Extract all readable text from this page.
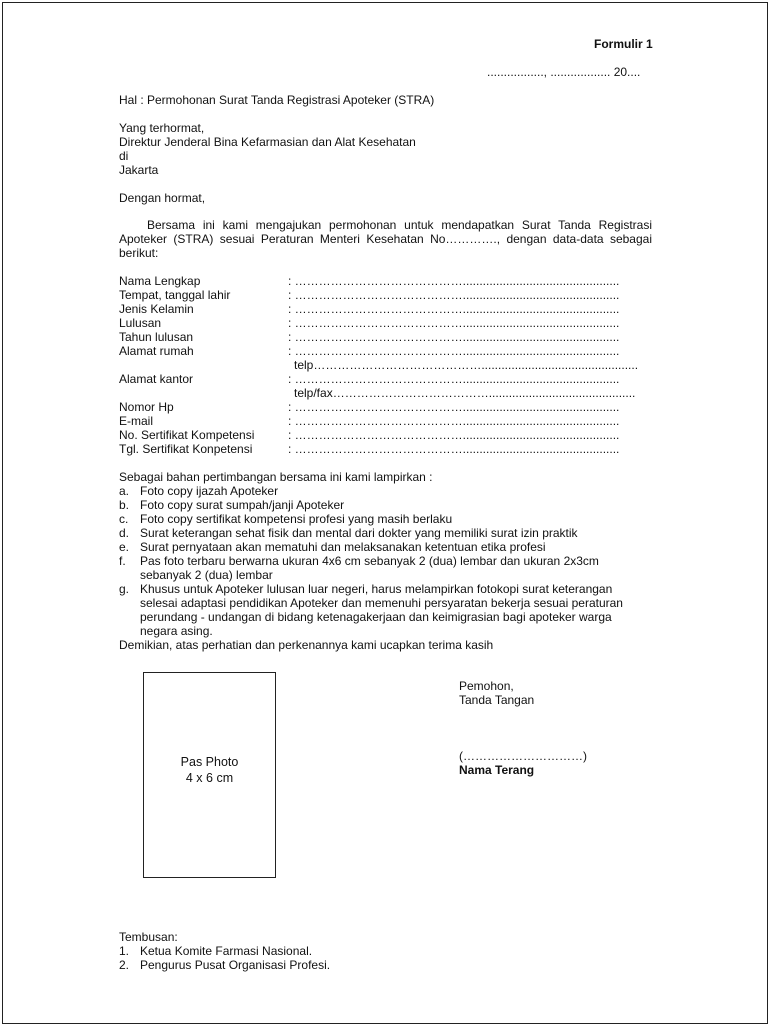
Formulir 1
................., .................. 20....
Hal : Permohonan Surat Tanda Registrasi Apoteker (STRA)
Yang terhormat,
Direktur Jenderal Bina Kefarmasian dan Alat Kesehatan
di
Jakarta
Dengan hormat,
Bersama ini kami mengajukan permohonan untuk mendapatkan Surat Tanda Registrasi Apoteker (STRA) sesuai Peraturan Menteri Kesehatan No…………., dengan data-data sebagai berikut:
Nama Lengkap	: ……………………………………...............................................
Tempat, tanggal lahir	: ……………………………………...............................................
Jenis Kelamin	: ……………………………………...............................................
Lulusan	: ……………………………………...............................................
Tahun lulusan	: ……………………………………...............................................
Alamat rumah	: ……………………………………...............................................
telp……………………………………...............................................
Alamat kantor	: ……………………………………...............................................
telp/fax…………………………………............................................
Nomor Hp	: ……………………………………...............................................
E-mail	: ……………………………………...............................................
No. Sertifikat Kompetensi	: ……………………………………...............................................
Tgl. Sertifikat Konpetensi	: ……………………………………...............................................
Sebagai bahan pertimbangan bersama ini kami lampirkan :
a. Foto copy ijazah Apoteker
b. Foto copy surat sumpah/janji Apoteker
c. Foto copy sertifikat kompetensi profesi yang masih berlaku
d. Surat keterangan sehat fisik dan mental dari dokter yang memiliki surat izin praktik
e. Surat pernyataan akan mematuhi dan melaksanakan ketentuan etika profesi
f. Pas foto terbaru berwarna ukuran 4x6 cm sebanyak 2 (dua) lembar dan ukuran 2x3cm sebanyak 2 (dua) lembar
g. Khusus untuk Apoteker lulusan luar negeri, harus melampirkan fotokopi surat keterangan selesai adaptasi pendidikan Apoteker dan memenuhi persyaratan bekerja sesuai peraturan perundang - undangan di bidang ketenagakerjaan dan keimigrasian bagi apoteker warga negara asing.
Demikian, atas perhatian dan perkenannya kami ucapkan terima kasih
Pas Photo
4 x 6 cm
Pemohon,
Tanda Tangan
(…………………………)
Nama Terang
Tembusan:
1. Ketua Komite Farmasi Nasional.
2. Pengurus Pusat Organisasi Profesi.
